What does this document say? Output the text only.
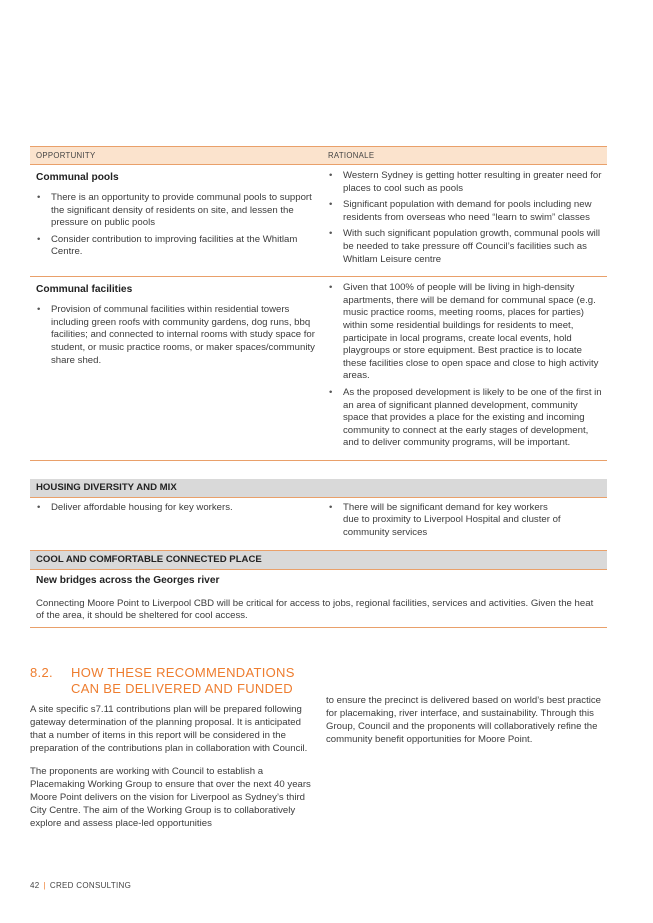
OPPORTUNITY	RATIONALE
Communal pools
• There is an opportunity to provide communal pools to support the significant density of residents on site, and lessen the pressure on public pools
• Consider contribution to improving facilities at the Whitlam Centre.
• Western Sydney is getting hotter resulting in greater need for places to cool such as pools
• Significant population with demand for pools including new residents from overseas who need “learn to swim” classes
• With such significant population growth, communal pools will be needed to take pressure off Council’s facilities such as Whitlam Leisure centre
Communal facilities
• Provision of communal facilities within residential towers including green roofs with community gardens, dog runs, bbq facilities; and connected to internal rooms with study space for student, or music practice rooms, or maker spaces/community share shed.
• Given that 100% of people will be living in high-density apartments, there will be demand for communal space (e.g. music practice rooms, meeting rooms, places for parties) within some residential buildings for residents to meet, participate in local programs, create local events, hold playgroups or store equipment. Best practice is to locate these facilities close to open space and close to high activity areas.
• As the proposed development is likely to be one of the first in an area of significant planned development, community space that provides a place for the existing and incoming community to connect at the early stages of development, and to deliver community programs, will be important.
HOUSING DIVERSITY AND MIX
• Deliver affordable housing for key workers.
•	There will be significant demand for key workers
due to proximity to Liverpool Hospital and cluster of community services
COOL AND COMFORTABLE CONNECTED PLACE
New bridges across the Georges river
Connecting Moore Point to Liverpool CBD will be critical for access to jobs, regional facilities, services and activities. Given the heat of the area, it should be sheltered for cool access.
8.2. HOW THESE RECOMMENDATIONS
CAN BE DELIVERED AND FUNDED

A site specific s7.11 contributions plan will be prepared following gateway determination of the planning proposal. It is anticipated that a number of items in this report will be considered in the preparation of the contributions plan in collaboration with Council.

The proponents are working with Council to establish a Placemaking Working Group to ensure that over the next 40 years Moore Point delivers on the vision for Liverpool as Sydney’s third City Centre. The aim of the Working Group is to collaboratively explore and assess place-led opportunities

to ensure the precinct is delivered based on world’s best practice for placemaking, river interface, and sustainability. Through this Group, Council and the proponents will collaboratively refine the community benefit opportunities for Moore Point.

42 | CRED CONSULTING
